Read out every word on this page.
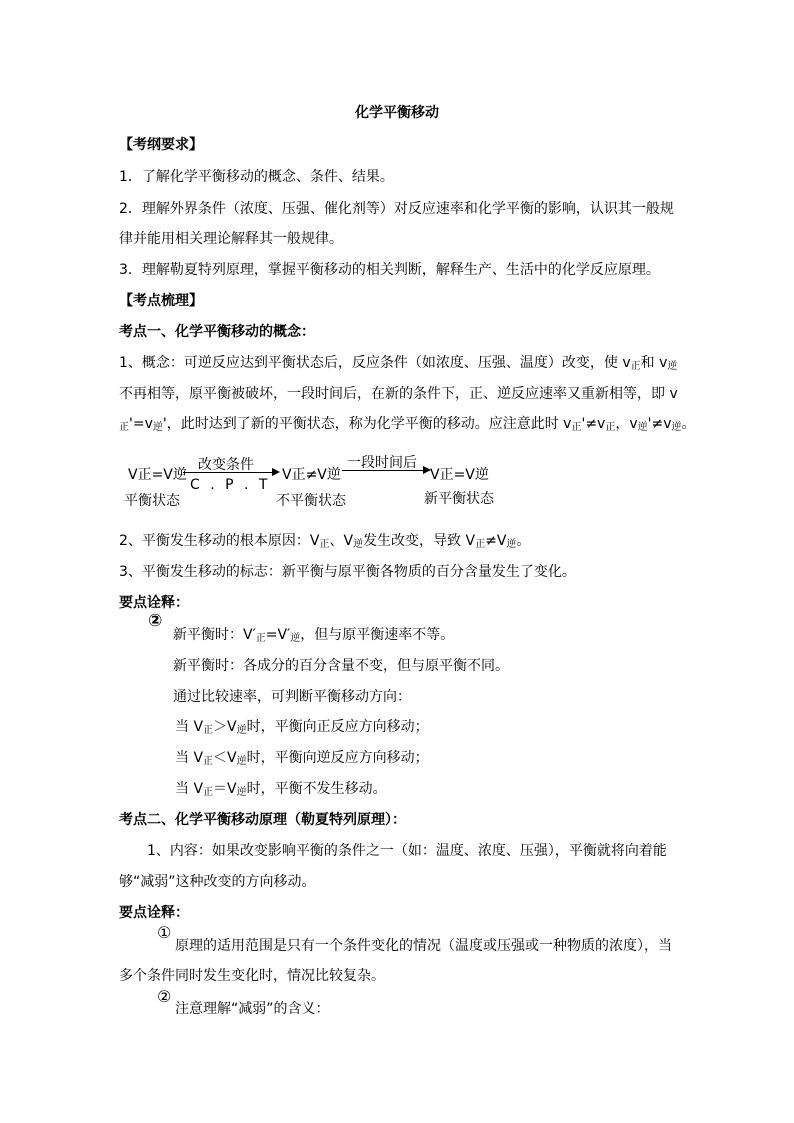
化学平衡移动
【考纲要求】
1．了解化学平衡移动的概念、条件、结果。
2．理解外界条件（浓度、压强、催化剂等）对反应速率和化学平衡的影响，认识其一般规
律并能用相关理论解释其一般规律。
3．理解勒夏特列原理，掌握平衡移动的相关判断，解释生产、生活中的化学反应原理。
【考点梳理】
考点一、化学平衡移动的概念：
1、概念：可逆反应达到平衡状态后，反应条件（如浓度、压强、温度）改变，使 $v_正$和 $v_逆$
不再相等，原平衡被破坏，一段时间后，在新的条件下，正、逆反应速率又重新相等，即 v
$_正'=v_逆'$，此时达到了新的平衡状态，称为化学平衡的移动。应注意此时 $v_正'\ne v_正$，$v_逆'\ne v_逆$。
V正=V逆
平衡状态
改变条件
C . P . T
V正≠V逆
不平衡状态
一段时间后
V正=V逆
新平衡状态
2、平衡发生移动的根本原因：$V_正$、$V_逆$发生改变，导致 $V_正\ne V_逆$。
3、平衡发生移动的标志：新平衡与原平衡各物质的百分含量发生了变化。
要点诠释：
②
新平衡时：$V'_正=V'_逆$，但与原平衡速率不等。
新平衡时：各成分的百分含量不变，但与原平衡不同。
通过比较速率，可判断平衡移动方向：
当 $V_正>V_逆$时，平衡向正反应方向移动；
当 $V_正<V_逆$时，平衡向逆反应方向移动；
当 $V_正=V_逆$时，平衡不发生移动。
考点二、化学平衡移动原理（勒夏特列原理）：
1、内容：如果改变影响平衡的条件之一（如：温度、浓度、压强），平衡就将向着能
够“减弱”这种改变的方向移动。
要点诠释：
①
原理的适用范围是只有一个条件变化的情况（温度或压强或一种物质的浓度），当
多个条件同时发生变化时，情况比较复杂。
②
注意理解“减弱”的含义：
